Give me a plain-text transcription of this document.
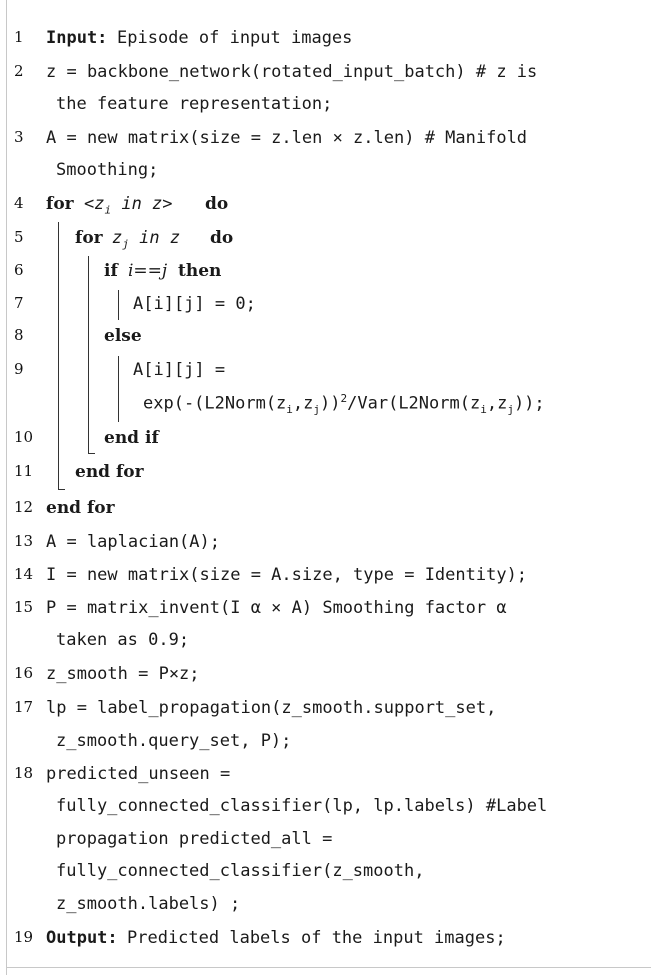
1	Input: Episode of input images
2	z = backbone_network(rotated_input_batch) # z is
the feature representation;
3	A = new matrix(size = z.len × z.len) # Manifold
Smoothing;
4	for $<z_i$ in z> do
5	for $z_j$ in z do
6	if i==j then
7	A[i][j] = 0;
8	else
9	A[i][j] =
$\exp(-(L2Norm(z_i,z_j))^2/Var(L2Norm(z_i,z_j))$;
10	end if
11	end for
12 end for
13 A = laplacian(A);
14 I = new matrix(size = A.size, type = Identity);
15 P = matrix_invent(I α × A) Smoothing factor α
taken as 0.9;
16 z_smooth = P×z;
17 lp = label_propagation(z_smooth.support_set,
z_smooth.query_set, P);
18 predicted_unseen =
fully_connected_classifier(lp, lp.labels) #Label
propagation predicted_all =
fully_connected_classifier(z_smooth,
z_smooth.labels) ;
19 Output: Predicted labels of the input images;
